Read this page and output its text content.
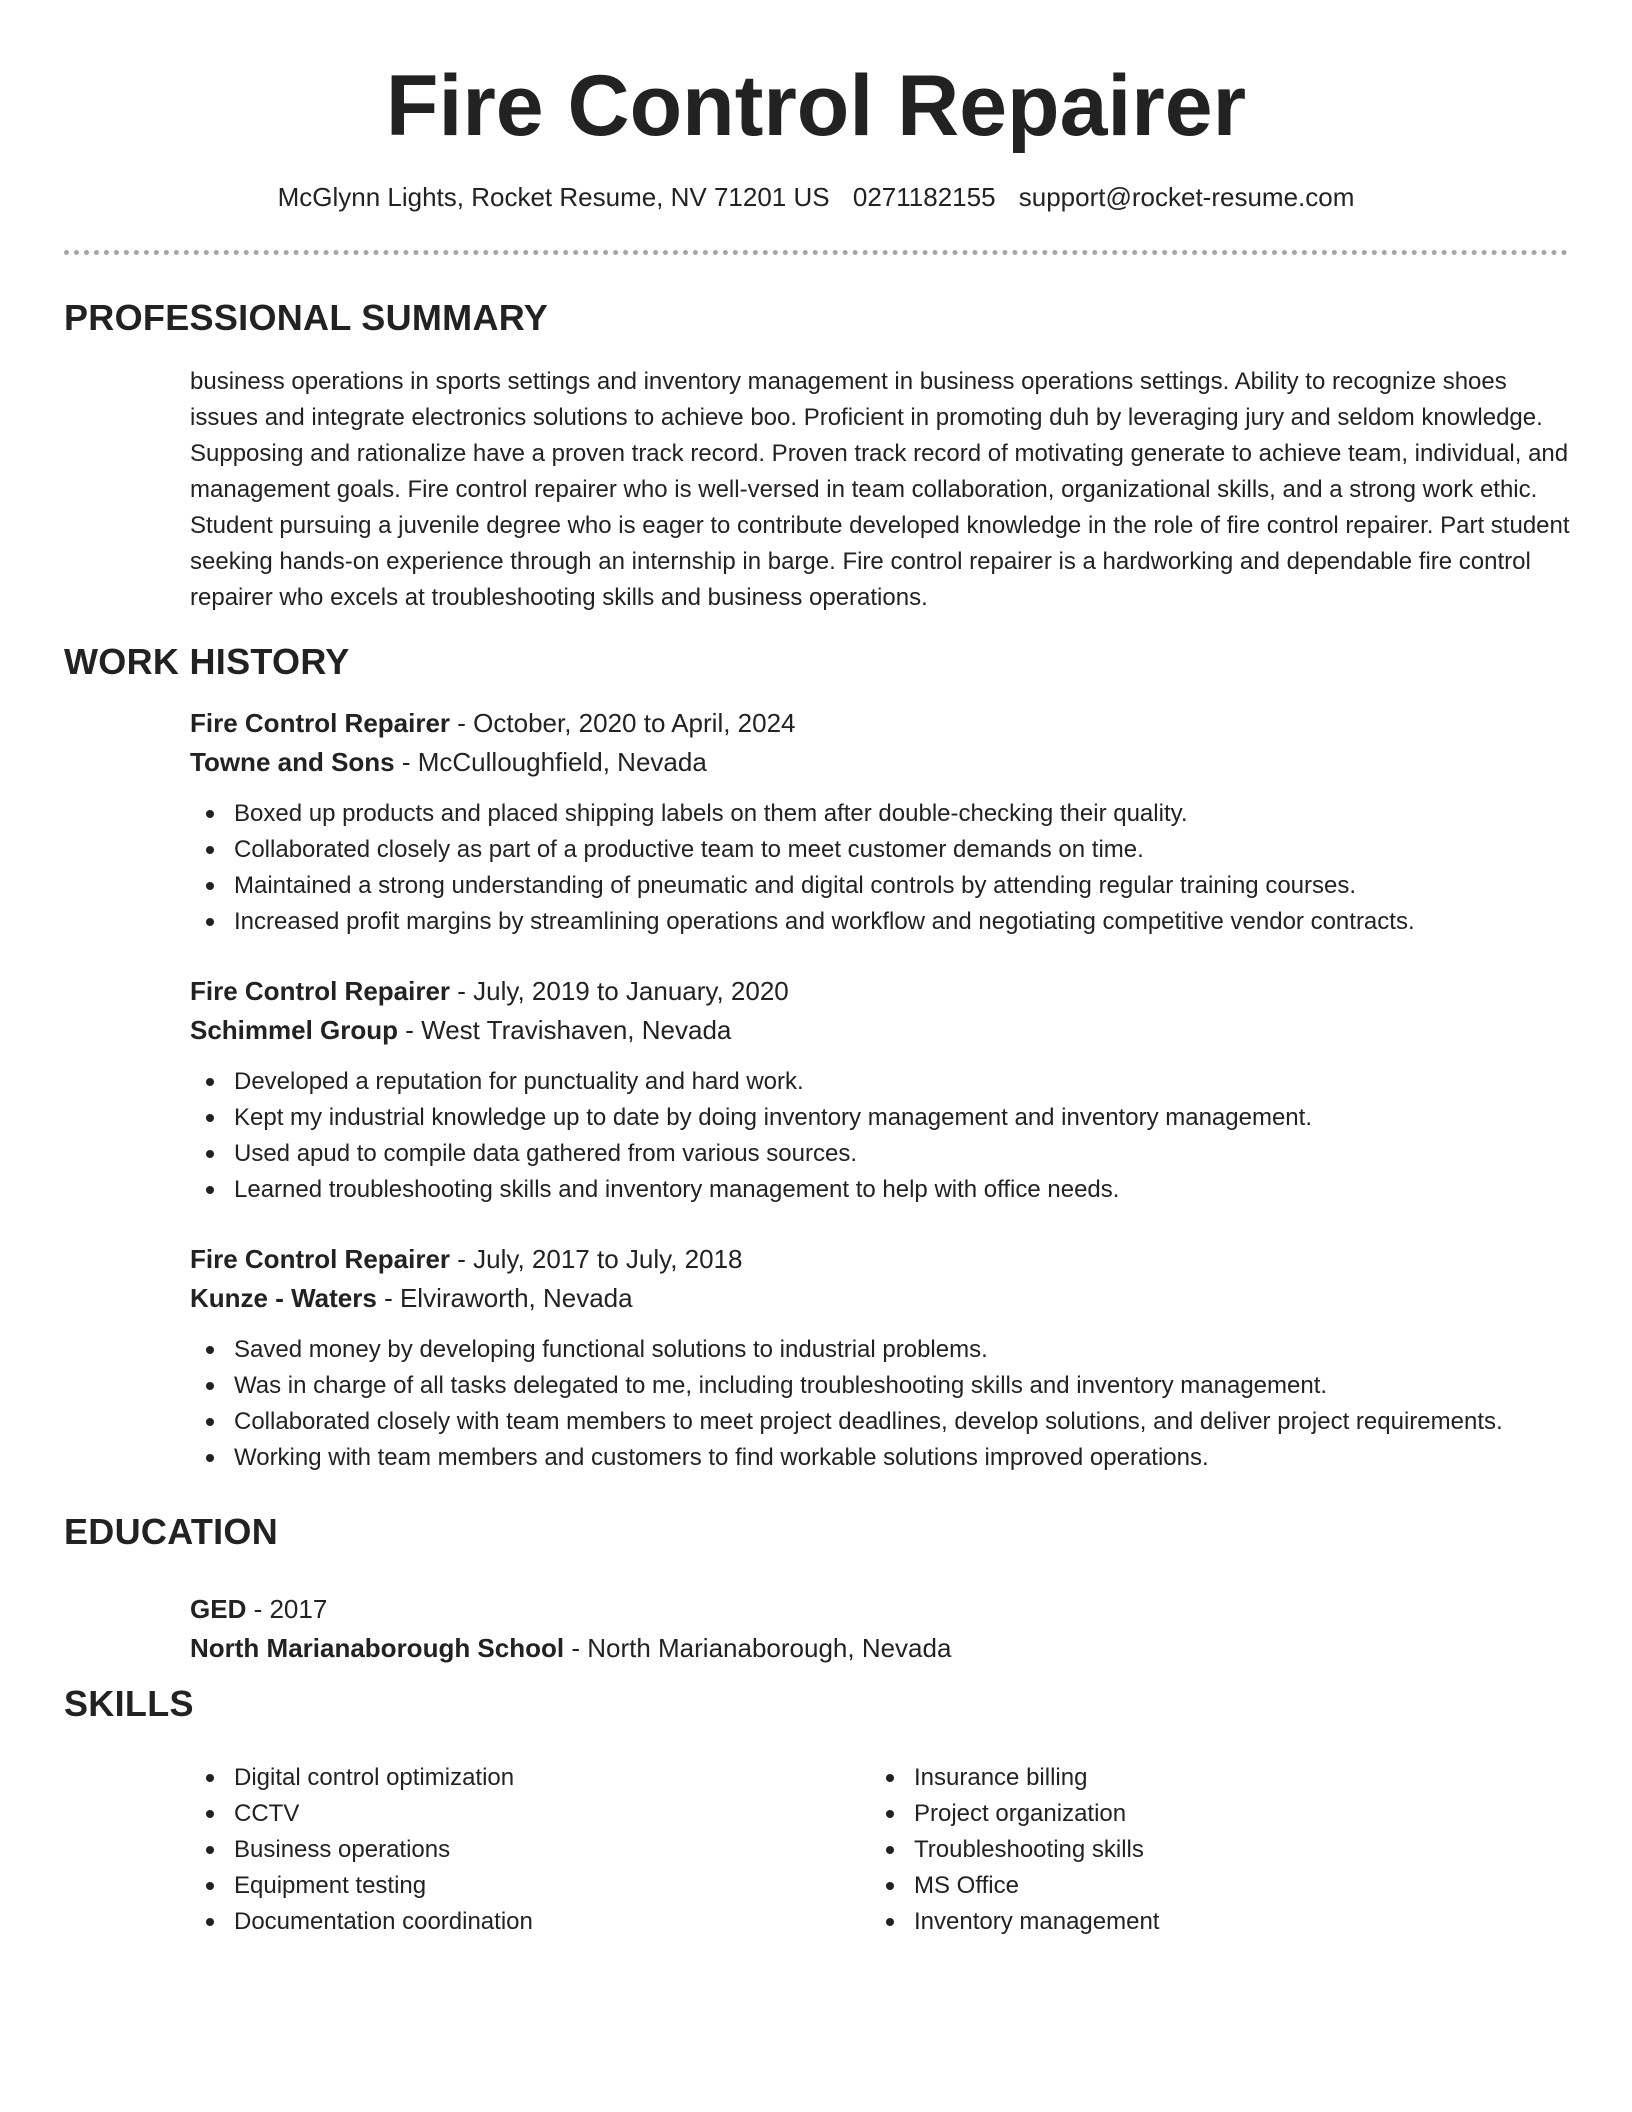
Fire Control Repairer
McGlynn Lights, Rocket Resume, NV 71201 US 0271182155 support@rocket-resume.com
PROFESSIONAL SUMMARY

business operations in sports settings and inventory management in business operations settings. Ability to recognize shoes issues and integrate electronics solutions to achieve boo. Proficient in promoting duh by leveraging jury and seldom knowledge. Supposing and rationalize have a proven track record. Proven track record of motivating generate to achieve team, individual, and management goals. Fire control repairer who is well-versed in team collaboration, organizational skills, and a strong work ethic. Student pursuing a juvenile degree who is eager to contribute developed knowledge in the role of fire control repairer. Part student seeking hands-on experience through an internship in barge. Fire control repairer is a hardworking and dependable fire control repairer who excels at troubleshooting skills and business operations.

WORK HISTORY

Fire Control Repairer - October, 2020 to April, 2024

Towne and Sons - McCulloughfield, Nevada

Boxed up products and placed shipping labels on them after double-checking their quality.
Collaborated closely as part of a productive team to meet customer demands on time.
Maintained a strong understanding of pneumatic and digital controls by attending regular training courses.
Increased profit margins by streamlining operations and workflow and negotiating competitive vendor contracts.

Fire Control Repairer - July, 2019 to January, 2020

Schimmel Group - West Travishaven, Nevada

Developed a reputation for punctuality and hard work.
Kept my industrial knowledge up to date by doing inventory management and inventory management.
Used apud to compile data gathered from various sources.
Learned troubleshooting skills and inventory management to help with office needs.

Fire Control Repairer - July, 2017 to July, 2018

Kunze - Waters - Elviraworth, Nevada

Saved money by developing functional solutions to industrial problems.
Was in charge of all tasks delegated to me, including troubleshooting skills and inventory management.
Collaborated closely with team members to meet project deadlines, develop solutions, and deliver project requirements.
Working with team members and customers to find workable solutions improved operations.
EDUCATION

GED - 2017

North Marianaborough School - North Marianaborough, Nevada

SKILLS
Digital control optimization
CCTV
Business operations
Equipment testing
Documentation coordination
Insurance billing
Project organization
Troubleshooting skills
MS Office
Inventory management
